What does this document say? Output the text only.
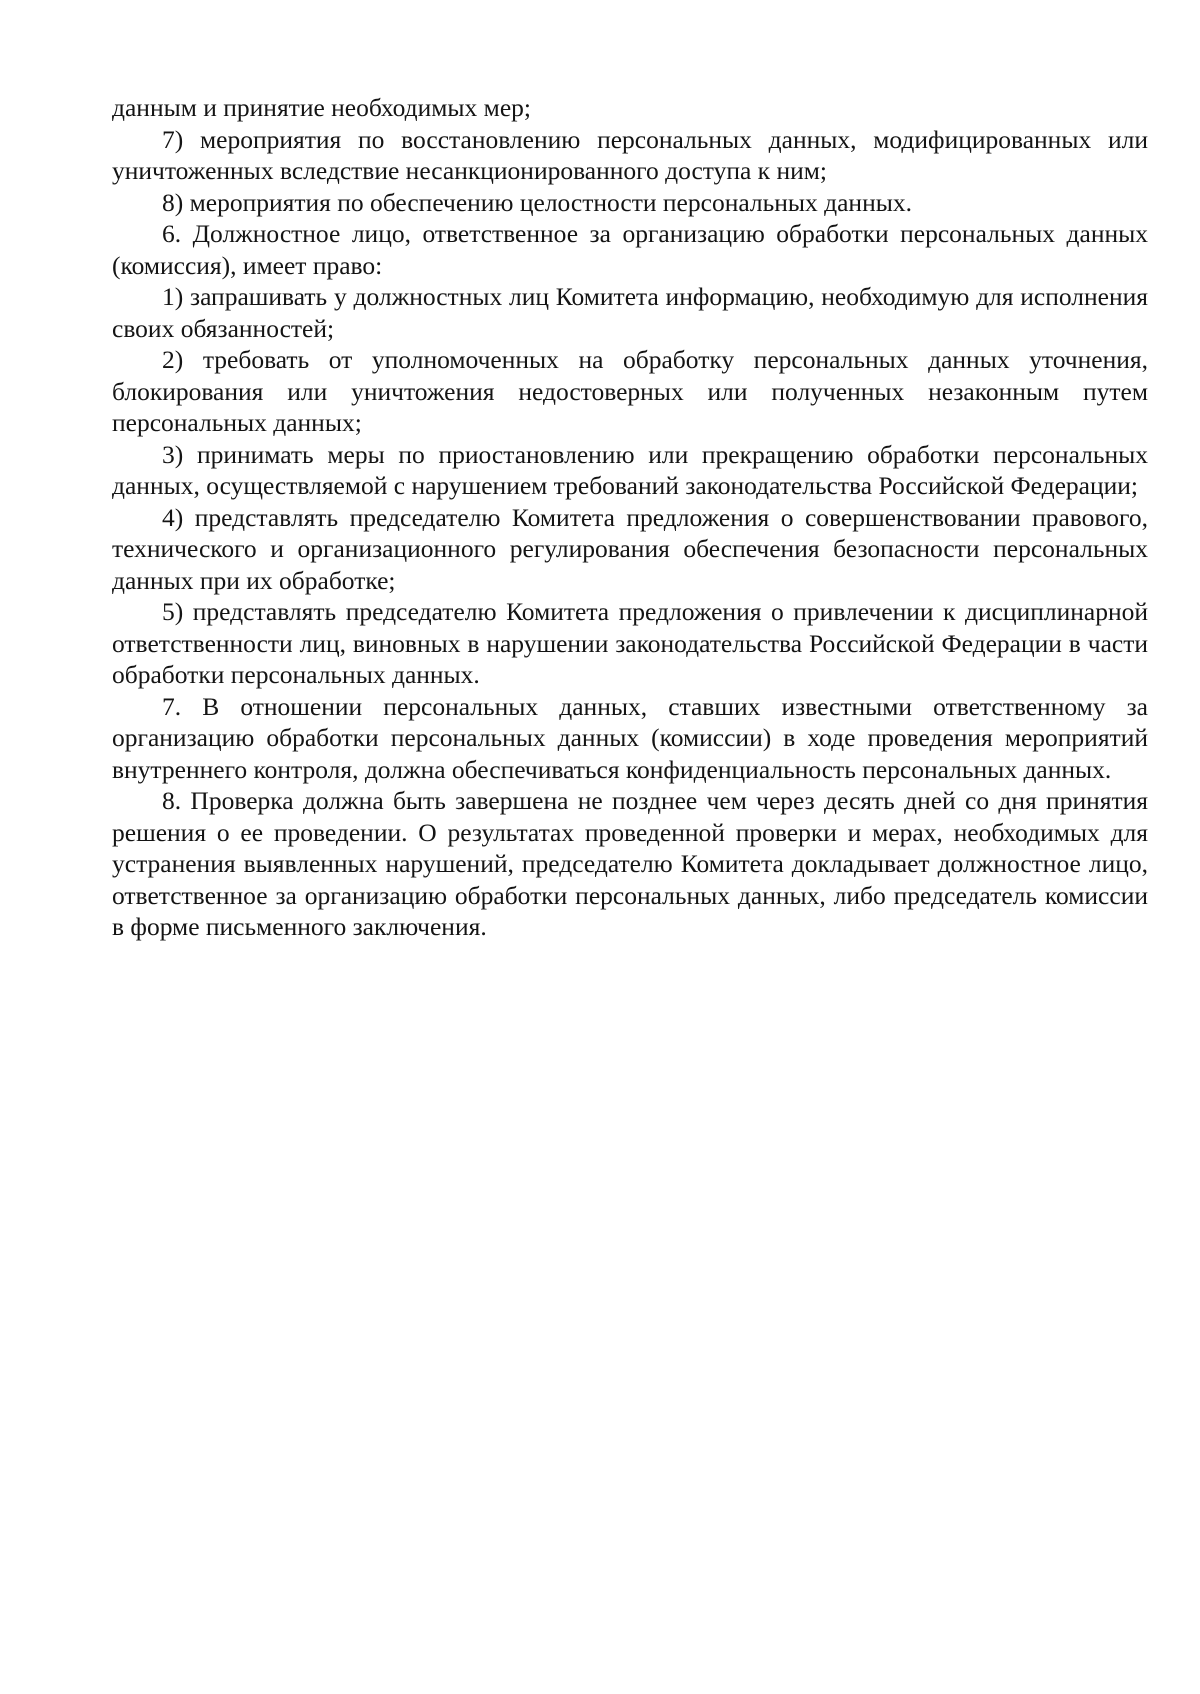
данным и принятие необходимых мер;

7) мероприятия по восстановлению персональных данных, модифицированных или уничтоженных вследствие несанкционированного доступа к ним;

8) мероприятия по обеспечению целостности персональных данных.

6. Должностное лицо, ответственное за организацию обработки персональных данных (комиссия), имеет право:

1) запрашивать у должностных лиц Комитета информацию, необходимую для исполнения своих обязанностей;

2) требовать от уполномоченных на обработку персональных данных уточнения, блокирования или уничтожения недостоверных или полученных незаконным путем персональных данных;

3) принимать меры по приостановлению или прекращению обработки персональных данных, осуществляемой с нарушением требований законодательства Российской Федерации;

4) представлять председателю Комитета предложения о совершенствовании правового, технического и организационного регулирования обеспечения безопасности персональных данных при их обработке;

5) представлять председателю Комитета предложения о привлечении к дисциплинарной ответственности лиц, виновных в нарушении законодательства Российской Федерации в части обработки персональных данных.

7. В отношении персональных данных, ставших известными ответственному за организацию обработки персональных данных (комиссии) в ходе проведения мероприятий внутреннего контроля, должна обеспечиваться конфиденциальность персональных данных.

8. Проверка должна быть завершена не позднее чем через десять дней со дня принятия решения о ее проведении. О результатах проведенной проверки и мерах, необходимых для устранения выявленных нарушений, председателю Комитета докладывает должностное лицо, ответственное за организацию обработки персональных данных, либо председатель комиссии в форме письменного заключения.
